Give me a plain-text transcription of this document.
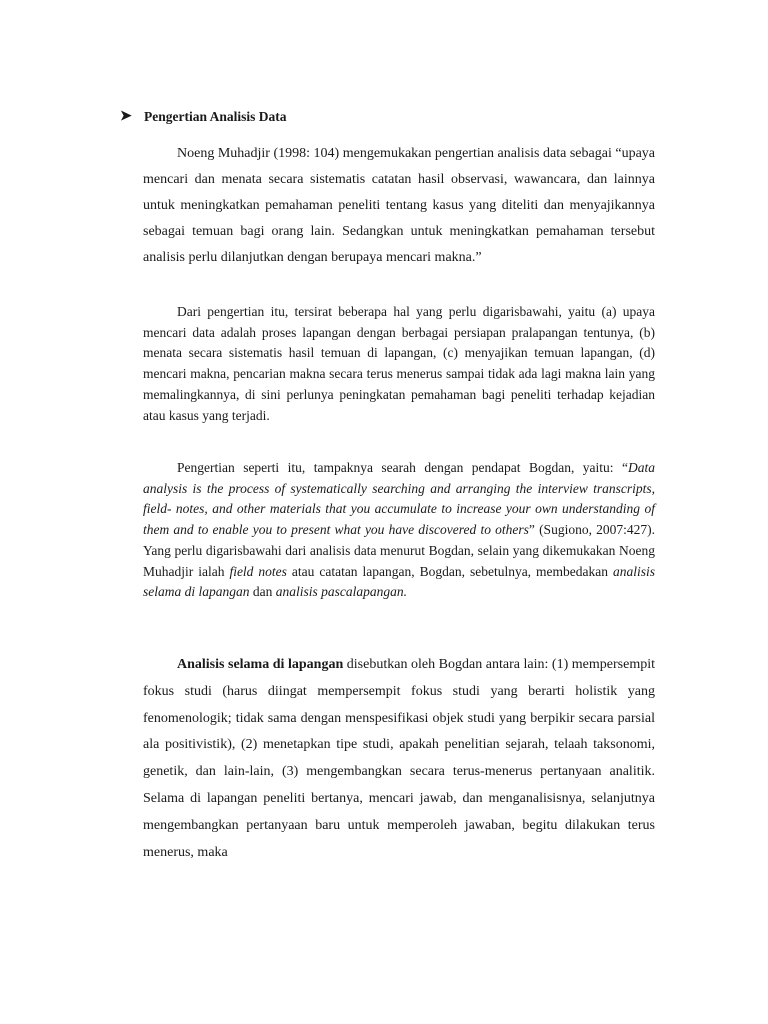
➤ Pengertian Analisis Data

Noeng Muhadjir (1998: 104) mengemukakan pengertian analisis data sebagai “upaya mencari dan menata secara sistematis catatan hasil observasi, wawancara, dan lainnya untuk meningkatkan pemahaman peneliti tentang kasus yang diteliti dan menyajikannya sebagai temuan bagi orang lain. Sedangkan untuk meningkatkan pemahaman tersebut analisis perlu dilanjutkan dengan berupaya mencari makna.”

Dari pengertian itu, tersirat beberapa hal yang perlu digarisbawahi, yaitu (a) upaya mencari data adalah proses lapangan dengan berbagai persiapan pralapangan tentunya, (b) menata secara sistematis hasil temuan di lapangan, (c) menyajikan temuan lapangan, (d) mencari makna, pencarian makna secara terus menerus sampai tidak ada lagi makna lain yang memalingkannya, di sini perlunya peningkatan pemahaman bagi peneliti terhadap kejadian atau kasus yang terjadi.

Pengertian seperti itu, tampaknya searah dengan pendapat Bogdan, yaitu: “Data analysis is the process of systematically searching and arranging the interview transcripts, field- notes, and other materials that you accumulate to increase your own understanding of them and to enable you to present what you have discovered to others” (Sugiono, 2007:427). Yang perlu digarisbawahi dari analisis data menurut Bogdan, selain yang dikemukakan Noeng Muhadjir ialah field notes atau catatan lapangan, Bogdan, sebetulnya, membedakan analisis selama di lapangan dan analisis pascalapangan.

Analisis selama di lapangan disebutkan oleh Bogdan antara lain: (1) mempersempit fokus studi (harus diingat mempersempit fokus studi yang berarti holistik yang fenomenologik; tidak sama dengan menspesifikasi objek studi yang berpikir secara parsial ala positivistik), (2) menetapkan tipe studi, apakah penelitian sejarah, telaah taksonomi, genetik, dan lain-lain, (3) mengembangkan secara terus-menerus pertanyaan analitik. Selama di lapangan peneliti bertanya, mencari jawab, dan menganalisisnya, selanjutnya mengembangkan pertanyaan baru untuk memperoleh jawaban, begitu dilakukan terus menerus, maka
